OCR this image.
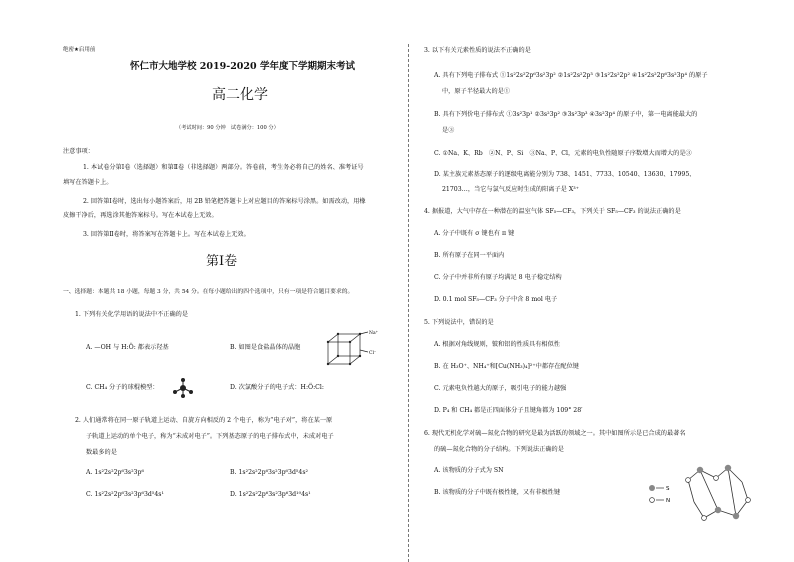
绝密★启用前
怀仁市大地学校 2019-2020 学年度下学期期末考试
高二化学
（考试时间：90 分钟　试卷满分：100 分）
注意事项：
1. 本试卷分第Ⅰ卷（选择题）和第Ⅱ卷（非选择题）两部分。答卷前，考生务必将自己的姓名、准考证号
填写在答题卡上。
2. 回答第Ⅰ卷时，选出每小题答案后，用 2B 铅笔把答题卡上对应题目的答案标号涂黑。如需改动，用橡
皮擦干净后，再选涂其他答案标号。写在本试卷上无效。
3. 回答第Ⅱ卷时，将答案写在答题卡上。写在本试卷上无效。
第Ⅰ卷
一、选择题：本题共 18 小题，每题 3 分，共 54 分。在每小题给出的四个选项中，只有一项是符合题目要求的。
1. 下列有关化学用语的说法中不正确的是
A. —OH 与 H:Ö: 都表示羟基	B. 如图是食盐晶体的晶胞
Na⁺
Cl⁻
C. CH₄ 分子的球棍模型：	D. 次氯酸分子的电子式：H:Ö:Cl:
2. 人们通常将在同一原子轨道上运动、自旋方向相反的 2 个电子，称为“电子对”，将在某一原
子轨道上运动的单个电子，称为“未成对电子”。下列基态原子的电子排布式中，未成对电子
数最多的是
A. 1s²2s²2p⁶3s²3p⁶	B. 1s²2s²2p⁶3s²3p⁶3d⁵4s²
C. 1s²2s²2p⁶3s²3p⁶3d⁵4s¹	D. 1s²2s²2p⁶3s²3p⁶3d¹⁰4s¹
3. 以下有关元素性质的说法不正确的是
A. 具有下列电子排布式 ①1s²2s²2p⁶3s²3p² ②1s²2s²2p³ ③1s²2s²2p² ④1s²2s²2p⁶3s²3p⁴ 的原子
中，原子半径最大的是①
B. 具有下列价电子排布式 ①3s²3p¹ ②3s²3p² ③3s²3p³ ④3s²3p⁴ 的原子中，第一电离能最大的
是③
C. ①Na、K、Rb　②N、P、Si　③Na、P、Cl，元素的电负性随原子序数增大而增大的是③
D. 某主族元素基态原子的逐级电离能分别为 738、1451、7733、10540、13630、17995、
21703…，当它与氯气反应时生成的阳离子是 X³⁺
4. 据报道，大气中存在一种潜在的温室气体 SF₅—CF₃，下列关于 SF₅—CF₃ 的说法正确的是
A. 分子中既有 σ 键也有 π 键
B. 所有原子在同一平面内
C. 分子中并非所有原子均满足 8 电子稳定结构
D. 0.1 mol SF₅—CF₃ 分子中含 8 mol 电子
5. 下列说法中，错误的是
A. 根据对角线规则，铍和铝的性质具有相似性
B. 在 H₃O⁺、NH₄⁺和[Cu(NH₃)₄]²⁺中都存在配位键
C. 元素电负性越大的原子，吸引电子的能力越强
D. P₄ 和 CH₄ 都是正四面体分子且键角都为 109° 28′
6. 现代无机化学对硫—氮化合物的研究是最为活跃的领域之一。其中如图所示是已合成的最著名
的硫—氮化合物的分子结构。下列说法正确的是
A. 该物质的分子式为 SN
B. 该物质的分子中既有极性键，又有非极性键	S
N
